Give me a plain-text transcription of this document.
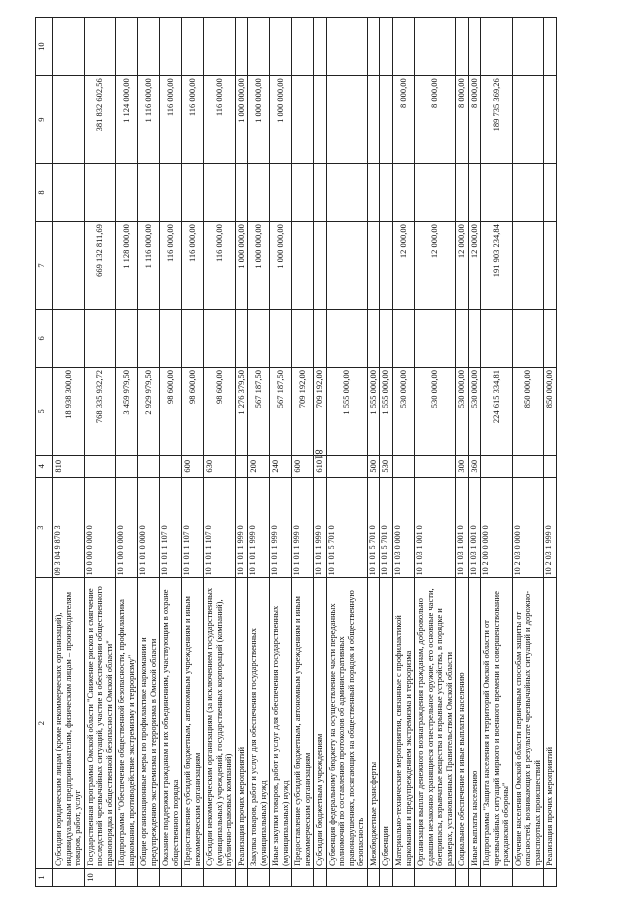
81
1	2	3	4	5	6	7	8	9	10
	Субсидии юридическим лицам (кроме некоммерческих организаций), индивидуальным предпринимателям, физическим лицам – производителям товаров, работ, услуг	09 3 04 9 870 3	810	18 938 300,00					
10	Государственная программа Омской области "Снижение рисков и смягчение последствий чрезвычайных ситуаций, участие в обеспечении общественного правопорядка и общественной безопасности Омской области"	10 0 00 0 000 0		768 335 932,72		669 132 811,69		381 832 602,56	
	Подпрограмма "Обеспечение общественной безопасности, профилактика наркомании, противодействие экстремизму и терроризму"	10 1 00 0 000 0		3 459 979,50		1 128 000,00		1 124 000,00	
	Общие организационные меры по профилактике наркомании и предупреждению экстремизма и терроризма в Омской области	10 1 01 0 000 0		2 929 979,50		1 116 000,00		1 116 000,00	
	Оказание поддержки гражданам и их объединениям, участвующим в охране общественного порядка	10 1 01 1 107 0		98 600,00		116 000,00		116 000,00	
	Предоставление субсидий бюджетным, автономным учреждениям и иным некоммерческим организациям	10 1 01 1 107 0	600	98 600,00		116 000,00		116 000,00	
	Субсидии некоммерческим организациям (за исключением государственных (муниципальных) учреждений, государственных корпораций (компаний), публично-правовых компаний)	10 1 01 1 107 0	630	98 600,00		116 000,00		116 000,00	
	Реализация прочих мероприятий	10 1 01 1 999 0		1 276 379,50		1 000 000,00		1 000 000,00	
	Закупка товаров, работ и услуг для обеспечения государственных (муниципальных) нужд	10 1 01 1 999 0	200	567 187,50		1 000 000,00		1 000 000,00	
	Иные закупки товаров, работ и услуг для обеспечения государственных (муниципальных) нужд	10 1 01 1 999 0	240	567 187,50		1 000 000,00		1 000 000,00	
	Предоставление субсидий бюджетным, автономным учреждениям и иным некоммерческим организациям	10 1 01 1 999 0	600	709 192,00					
	Субсидии бюджетным учреждениям	10 1 01 1 999 0	610	709 192,00					
	Субвенция федеральному бюджету на осуществление части переданных полномочий по составлению протоколов об административных правонарушениях, посягающих на общественный порядок и общественную безопасность	10 1 01 5 701 0		1 555 000,00					
	Межбюджетные трансферты	10 1 01 5 701 0	500	1 555 000,00					
	Субвенции	10 1 01 5 701 0	530	1 555 000,00					
	Материально-технические мероприятия, связанные с профилактикой наркомании и предупреждением экстремизма и терроризма	10 1 03 0 000 0		530 000,00		12 000,00		8 000,00	
	Организация выплат денежного вознаграждения гражданам, добровольно сдавшим незаконно хранящиеся огнестрельное оружие, его основные части, боеприпасы, взрывчатые вещества и взрывные устройства, в порядке и размерах, установленных Правительством Омской области	10 1 03 1 001 0		530 000,00		12 000,00		8 000,00	
	Социальное обеспечение и иные выплаты населению	10 1 03 1 001 0	300	530 000,00		12 000,00		8 000,00	
	Иные выплаты населению	10 1 03 1 001 0	360	530 000,00		12 000,00		8 000,00	
	Подпрограмма "Защита населения и территорий Омской области от чрезвычайных ситуаций мирного и военного времени и совершенствование гражданской обороны"	10 2 00 0 000 0		224 615 334,81		191 903 234,84		189 735 369,26	
	Обучение населения Омской области первичным способам защиты от опасностей, возникающих в результате чрезвычайных ситуаций и дорожно-транспортных происшествий	10 2 03 0 000 0		850 000,00					
	Реализация прочих мероприятий	10 2 03 1 999 0		850 000,00					
